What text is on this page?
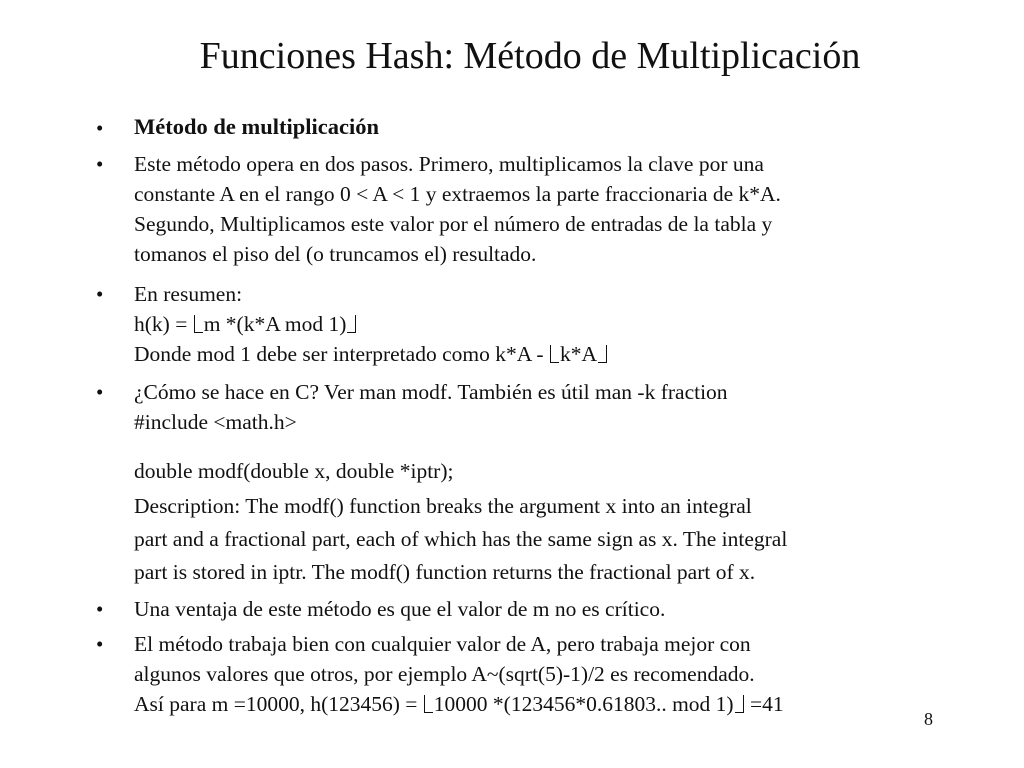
Funciones Hash: Método de Multiplicación
• Método de multiplicación
• Este método opera en dos pasos. Primero, multiplicamos la clave por una
constante A en el rango 0 < A < 1 y extraemos la parte fraccionaria de k*A.
Segundo, Multiplicamos este valor por el número de entradas de la tabla y
tomanos el piso del (o truncamos el) resultado.
• En resumen:
h(k) = m *(k*A mod 1)
Donde mod 1 debe ser interpretado como k*A - k*A
• ¿Cómo se hace en C? Ver man modf. También es útil man -k fraction
#include <math.h>
double modf(double x, double *iptr);
Description: The modf() function breaks the argument x into an integral
part and a fractional part, each of which has the same sign as x. The integral
part is stored in iptr. The modf() function returns the fractional part of x.
• Una ventaja de este método es que el valor de m no es crítico.
• El método trabaja bien con cualquier valor de A, pero trabaja mejor con
algunos valores que otros, por ejemplo A~(sqrt(5)-1)/2 es recomendado.
Así para m =10000, h(123456) = 10000 *(123456*0.61803.. mod 1) =41
8
